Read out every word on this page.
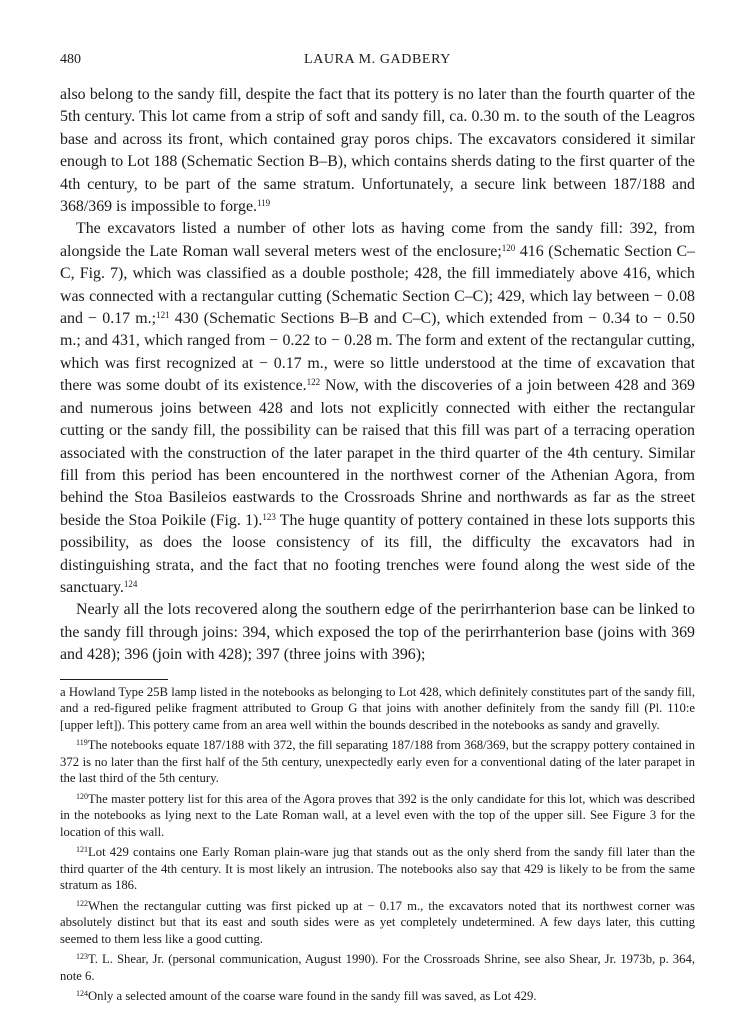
480	LAURA M. GADBERY

also belong to the sandy fill, despite the fact that its pottery is no later than the fourth quarter of the 5th century. This lot came from a strip of soft and sandy fill, ca. 0.30 m. to the south of the Leagros base and across its front, which contained gray poros chips. The excavators considered it similar enough to Lot 188 (Schematic Section B–B), which contains sherds dating to the first quarter of the 4th century, to be part of the same stratum. Unfortunately, a secure link between 187/188 and 368/369 is impossible to forge.$^{119}$

The excavators listed a number of other lots as having come from the sandy fill: 392, from alongside the Late Roman wall several meters west of the enclosure;$^{120}$ 416 (Schematic Section C–C, Fig. 7), which was classified as a double posthole; 428, the fill immediately above 416, which was connected with a rectangular cutting (Schematic Section C–C); 429, which lay between − 0.08 and − 0.17 m.;$^{121}$ 430 (Schematic Sections B–B and C–C), which extended from − 0.34 to − 0.50 m.; and 431, which ranged from − 0.22 to − 0.28 m. The form and extent of the rectangular cutting, which was first recognized at − 0.17 m., were so little understood at the time of excavation that there was some doubt of its existence.$^{122}$ Now, with the discoveries of a join between 428 and 369 and numerous joins between 428 and lots not explicitly connected with either the rectangular cutting or the sandy fill, the possibility can be raised that this fill was part of a terracing operation associated with the construction of the later parapet in the third quarter of the 4th century. Similar fill from this period has been encountered in the northwest corner of the Athenian Agora, from behind the Stoa Basileios eastwards to the Crossroads Shrine and northwards as far as the street beside the Stoa Poikile (Fig. 1).$^{123}$ The huge quantity of pottery contained in these lots supports this possibility, as does the loose consistency of its fill, the difficulty the excavators had in distinguishing strata, and the fact that no footing trenches were found along the west side of the sanctuary.$^{124}$

Nearly all the lots recovered along the southern edge of the perirrhanterion base can be linked to the sandy fill through joins: 394, which exposed the top of the perirrhanterion base (joins with 369 and 428); 396 (join with 428); 397 (three joins with 396);

a Howland Type 25B lamp listed in the notebooks as belonging to Lot 428, which definitely constitutes part of the sandy fill, and a red-figured pelike fragment attributed to Group G that joins with another definitely from the sandy fill (Pl. 110:e [upper left]). This pottery came from an area well within the bounds described in the notebooks as sandy and gravelly.

$^{119}$The notebooks equate 187/188 with 372, the fill separating 187/188 from 368/369, but the scrappy pottery contained in 372 is no later than the first half of the 5th century, unexpectedly early even for a conventional dating of the later parapet in the last third of the 5th century.

$^{120}$The master pottery list for this area of the Agora proves that 392 is the only candidate for this lot, which was described in the notebooks as lying next to the Late Roman wall, at a level even with the top of the upper sill. See Figure 3 for the location of this wall.

$^{121}$Lot 429 contains one Early Roman plain-ware jug that stands out as the only sherd from the sandy fill later than the third quarter of the 4th century. It is most likely an intrusion. The notebooks also say that 429 is likely to be from the same stratum as 186.

$^{122}$When the rectangular cutting was first picked up at − 0.17 m., the excavators noted that its northwest corner was absolutely distinct but that its east and south sides were as yet completely undetermined. A few days later, this cutting seemed to them less like a good cutting.

$^{123}$T. L. Shear, Jr. (personal communication, August 1990). For the Crossroads Shrine, see also Shear, Jr. 1973b, p. 364, note 6.

$^{124}$Only a selected amount of the coarse ware found in the sandy fill was saved, as Lot 429.
